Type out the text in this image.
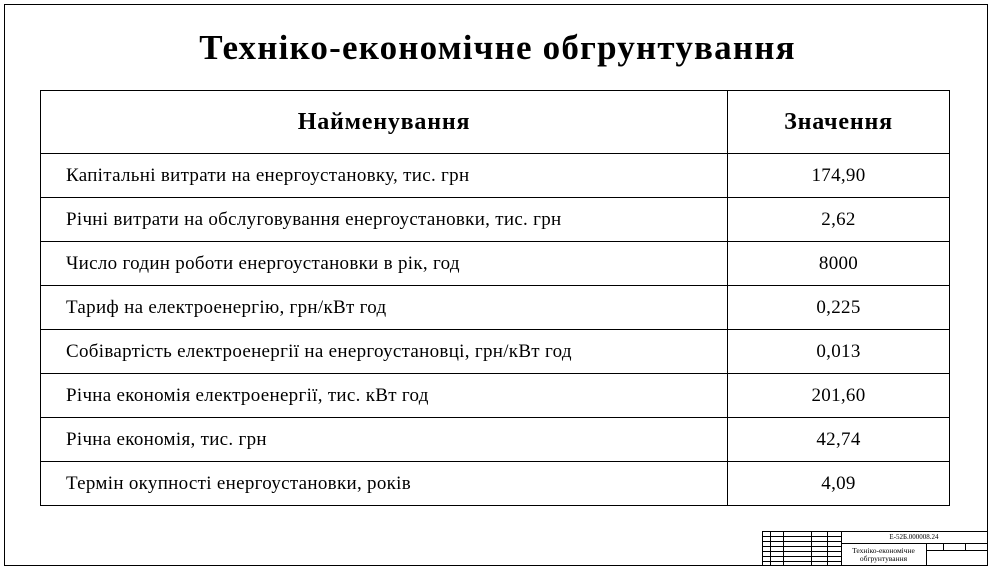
Техніко-економічне обгрунтування
Найменування	Значення
Капітальні витрати на енергоустановку, тис. грн	174,90
Річні витрати на обслуговування енергоустановки, тис. грн	2,62
Число годин роботи енергоустановки в рік, год	8000
Тариф на електроенергію, грн/кВт год	0,225
Собівартість електроенергії на енергоустановці, грн/кВт год	0,013
Річна економія електроенергії, тис. кВт год	201,60
Річна економія, тис. грн	42,74
Термін окупності енергоустановки, років	4,09
Е-52Б.000008.24
Техніко-економічне обгрунтування
